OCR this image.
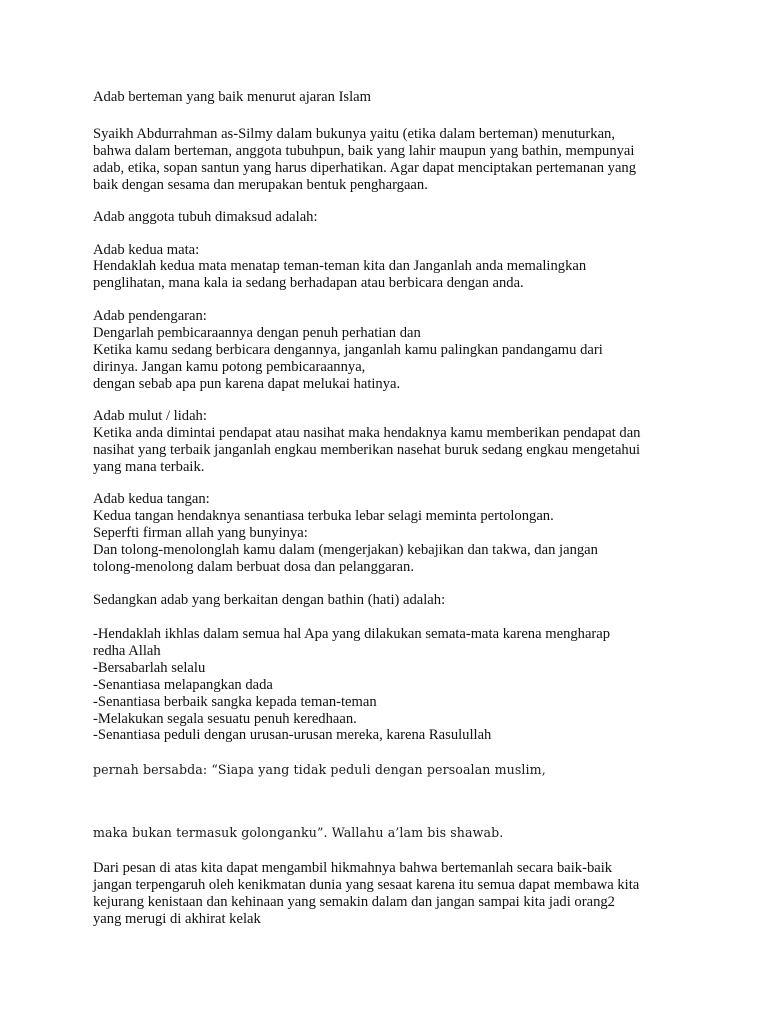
Adab berteman yang baik menurut ajaran Islam
Syaikh Abdurrahman as-Silmy dalam bukunya yaitu (etika dalam berteman) menuturkan,
bahwa dalam berteman, anggota tubuhpun, baik yang lahir maupun yang bathin, mempunyai
adab, etika, sopan santun yang harus diperhatikan. Agar dapat menciptakan pertemanan yang
baik dengan sesama dan merupakan bentuk penghargaan.
Adab anggota tubuh dimaksud adalah:
Adab kedua mata:
Hendaklah kedua mata menatap teman-teman kita dan Janganlah anda memalingkan
penglihatan, mana kala ia sedang berhadapan atau berbicara dengan anda.
Adab pendengaran:
Dengarlah pembicaraannya dengan penuh perhatian dan
Ketika kamu sedang berbicara dengannya, janganlah kamu palingkan pandangamu dari
dirinya. Jangan kamu potong pembicaraannya,
dengan sebab apa pun karena dapat melukai hatinya.
Adab mulut / lidah:
Ketika anda dimintai pendapat atau nasihat maka hendaknya kamu memberikan pendapat dan
nasihat yang terbaik janganlah engkau memberikan nasehat buruk sedang engkau mengetahui
yang mana terbaik.
Adab kedua tangan:
Kedua tangan hendaknya senantiasa terbuka lebar selagi meminta pertolongan.
Seperfti firman allah yang bunyinya:
Dan tolong-menolonglah kamu dalam (mengerjakan) kebajikan dan takwa, dan jangan
tolong-menolong dalam berbuat dosa dan pelanggaran.
Sedangkan adab yang berkaitan dengan bathin (hati) adalah:
-Hendaklah ikhlas dalam semua hal Apa yang dilakukan semata-mata karena mengharap
redha Allah
-Bersabarlah selalu
-Senantiasa melapangkan dada
-Senantiasa berbaik sangka kepada teman-teman
-Melakukan segala sesuatu penuh keredhaan.
-Senantiasa peduli dengan urusan-urusan mereka, karena Rasulullah
pernah bersabda: “Siapa yang tidak peduli dengan persoalan muslim,
maka bukan termasuk golonganku”. Wallahu a’lam bis shawab.
Dari pesan di atas kita dapat mengambil hikmahnya bahwa bertemanlah secara baik-baik
jangan terpengaruh oleh kenikmatan dunia yang sesaat karena itu semua dapat membawa kita
kejurang kenistaan dan kehinaan yang semakin dalam dan jangan sampai kita jadi orang2
yang merugi di akhirat kelak
